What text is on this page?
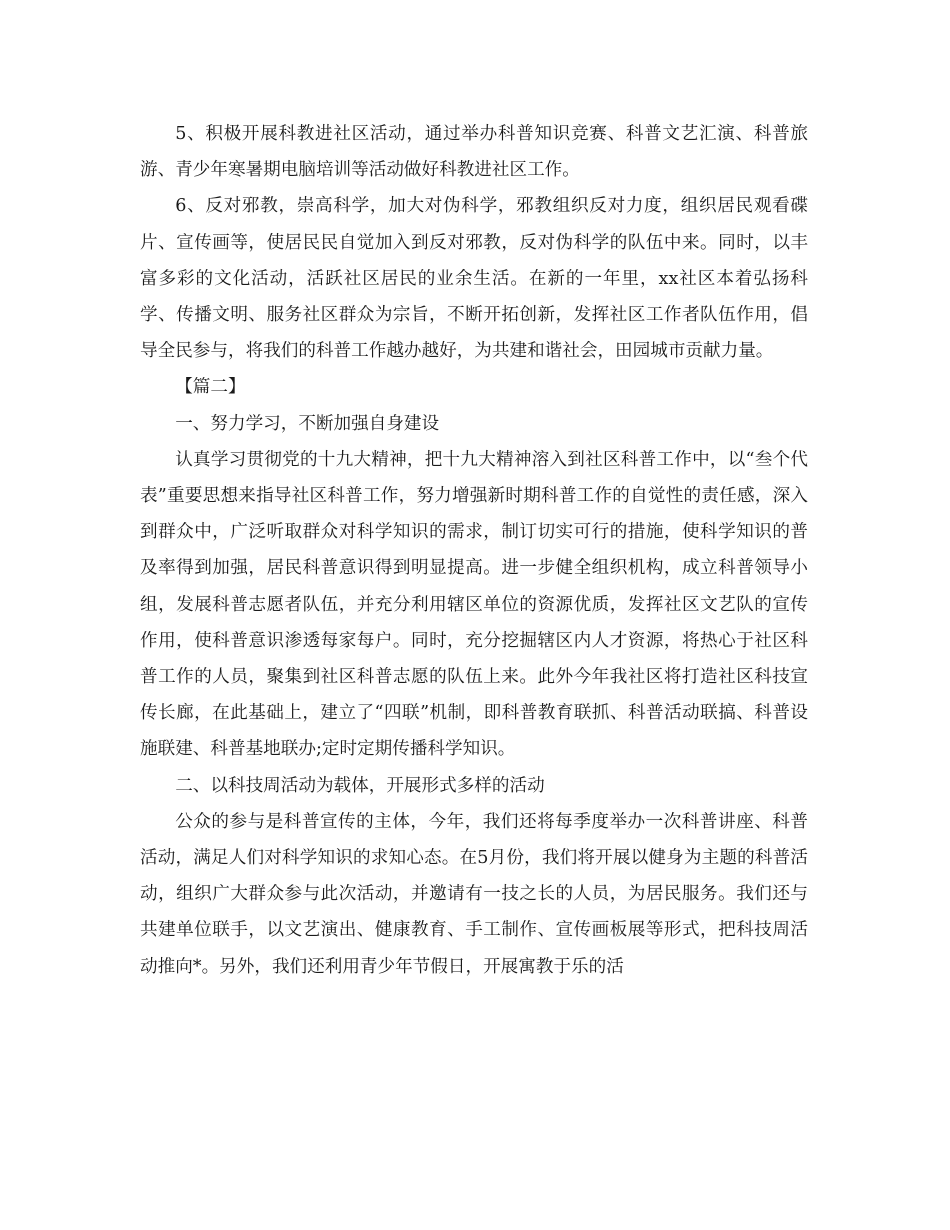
5、积极开展科教进社区活动，通过举办科普知识竞赛、科普文艺汇演、科普旅游、青少年寒暑期电脑培训等活动做好科教进社区工作。

6、反对邪教，崇高科学，加大对伪科学，邪教组织反对力度，组织居民观看碟片、宣传画等，使居民民自觉加入到反对邪教，反对伪科学的队伍中来。同时，以丰富多彩的文化活动，活跃社区居民的业余生活。在新的一年里，xx社区本着弘扬科学、传播文明、服务社区群众为宗旨，不断开拓创新，发挥社区工作者队伍作用，倡导全民参与，将我们的科普工作越办越好，为共建和谐社会，田园城市贡献力量。

【篇二】

一、努力学习，不断加强自身建设

认真学习贯彻党的十九大精神，把十九大精神溶入到社区科普工作中，以“叁个代表”重要思想来指导社区科普工作，努力增强新时期科普工作的自觉性的责任感，深入到群众中，广泛听取群众对科学知识的需求，制订切实可行的措施，使科学知识的普及率得到加强，居民科普意识得到明显提高。进一步健全组织机构，成立科普领导小组，发展科普志愿者队伍，并充分利用辖区单位的资源优质，发挥社区文艺队的宣传作用，使科普意识渗透每家每户。同时，充分挖掘辖区内人才资源，将热心于社区科普工作的人员，聚集到社区科普志愿的队伍上来。此外今年我社区将打造社区科技宣传长廊，在此基础上，建立了“四联”机制，即科普教育联抓、科普活动联搞、科普设施联建、科普基地联办;定时定期传播科学知识。

二、以科技周活动为载体，开展形式多样的活动

公众的参与是科普宣传的主体，今年，我们还将每季度举办一次科普讲座、科普活动，满足人们对科学知识的求知心态。在5月份，我们将开展以健身为主题的科普活动，组织广大群众参与此次活动，并邀请有一技之长的人员，为居民服务。我们还与共建单位联手，以文艺演出、健康教育、手工制作、宣传画板展等形式，把科技周活动推向*。另外，我们还利用青少年节假日，开展寓教于乐的活
